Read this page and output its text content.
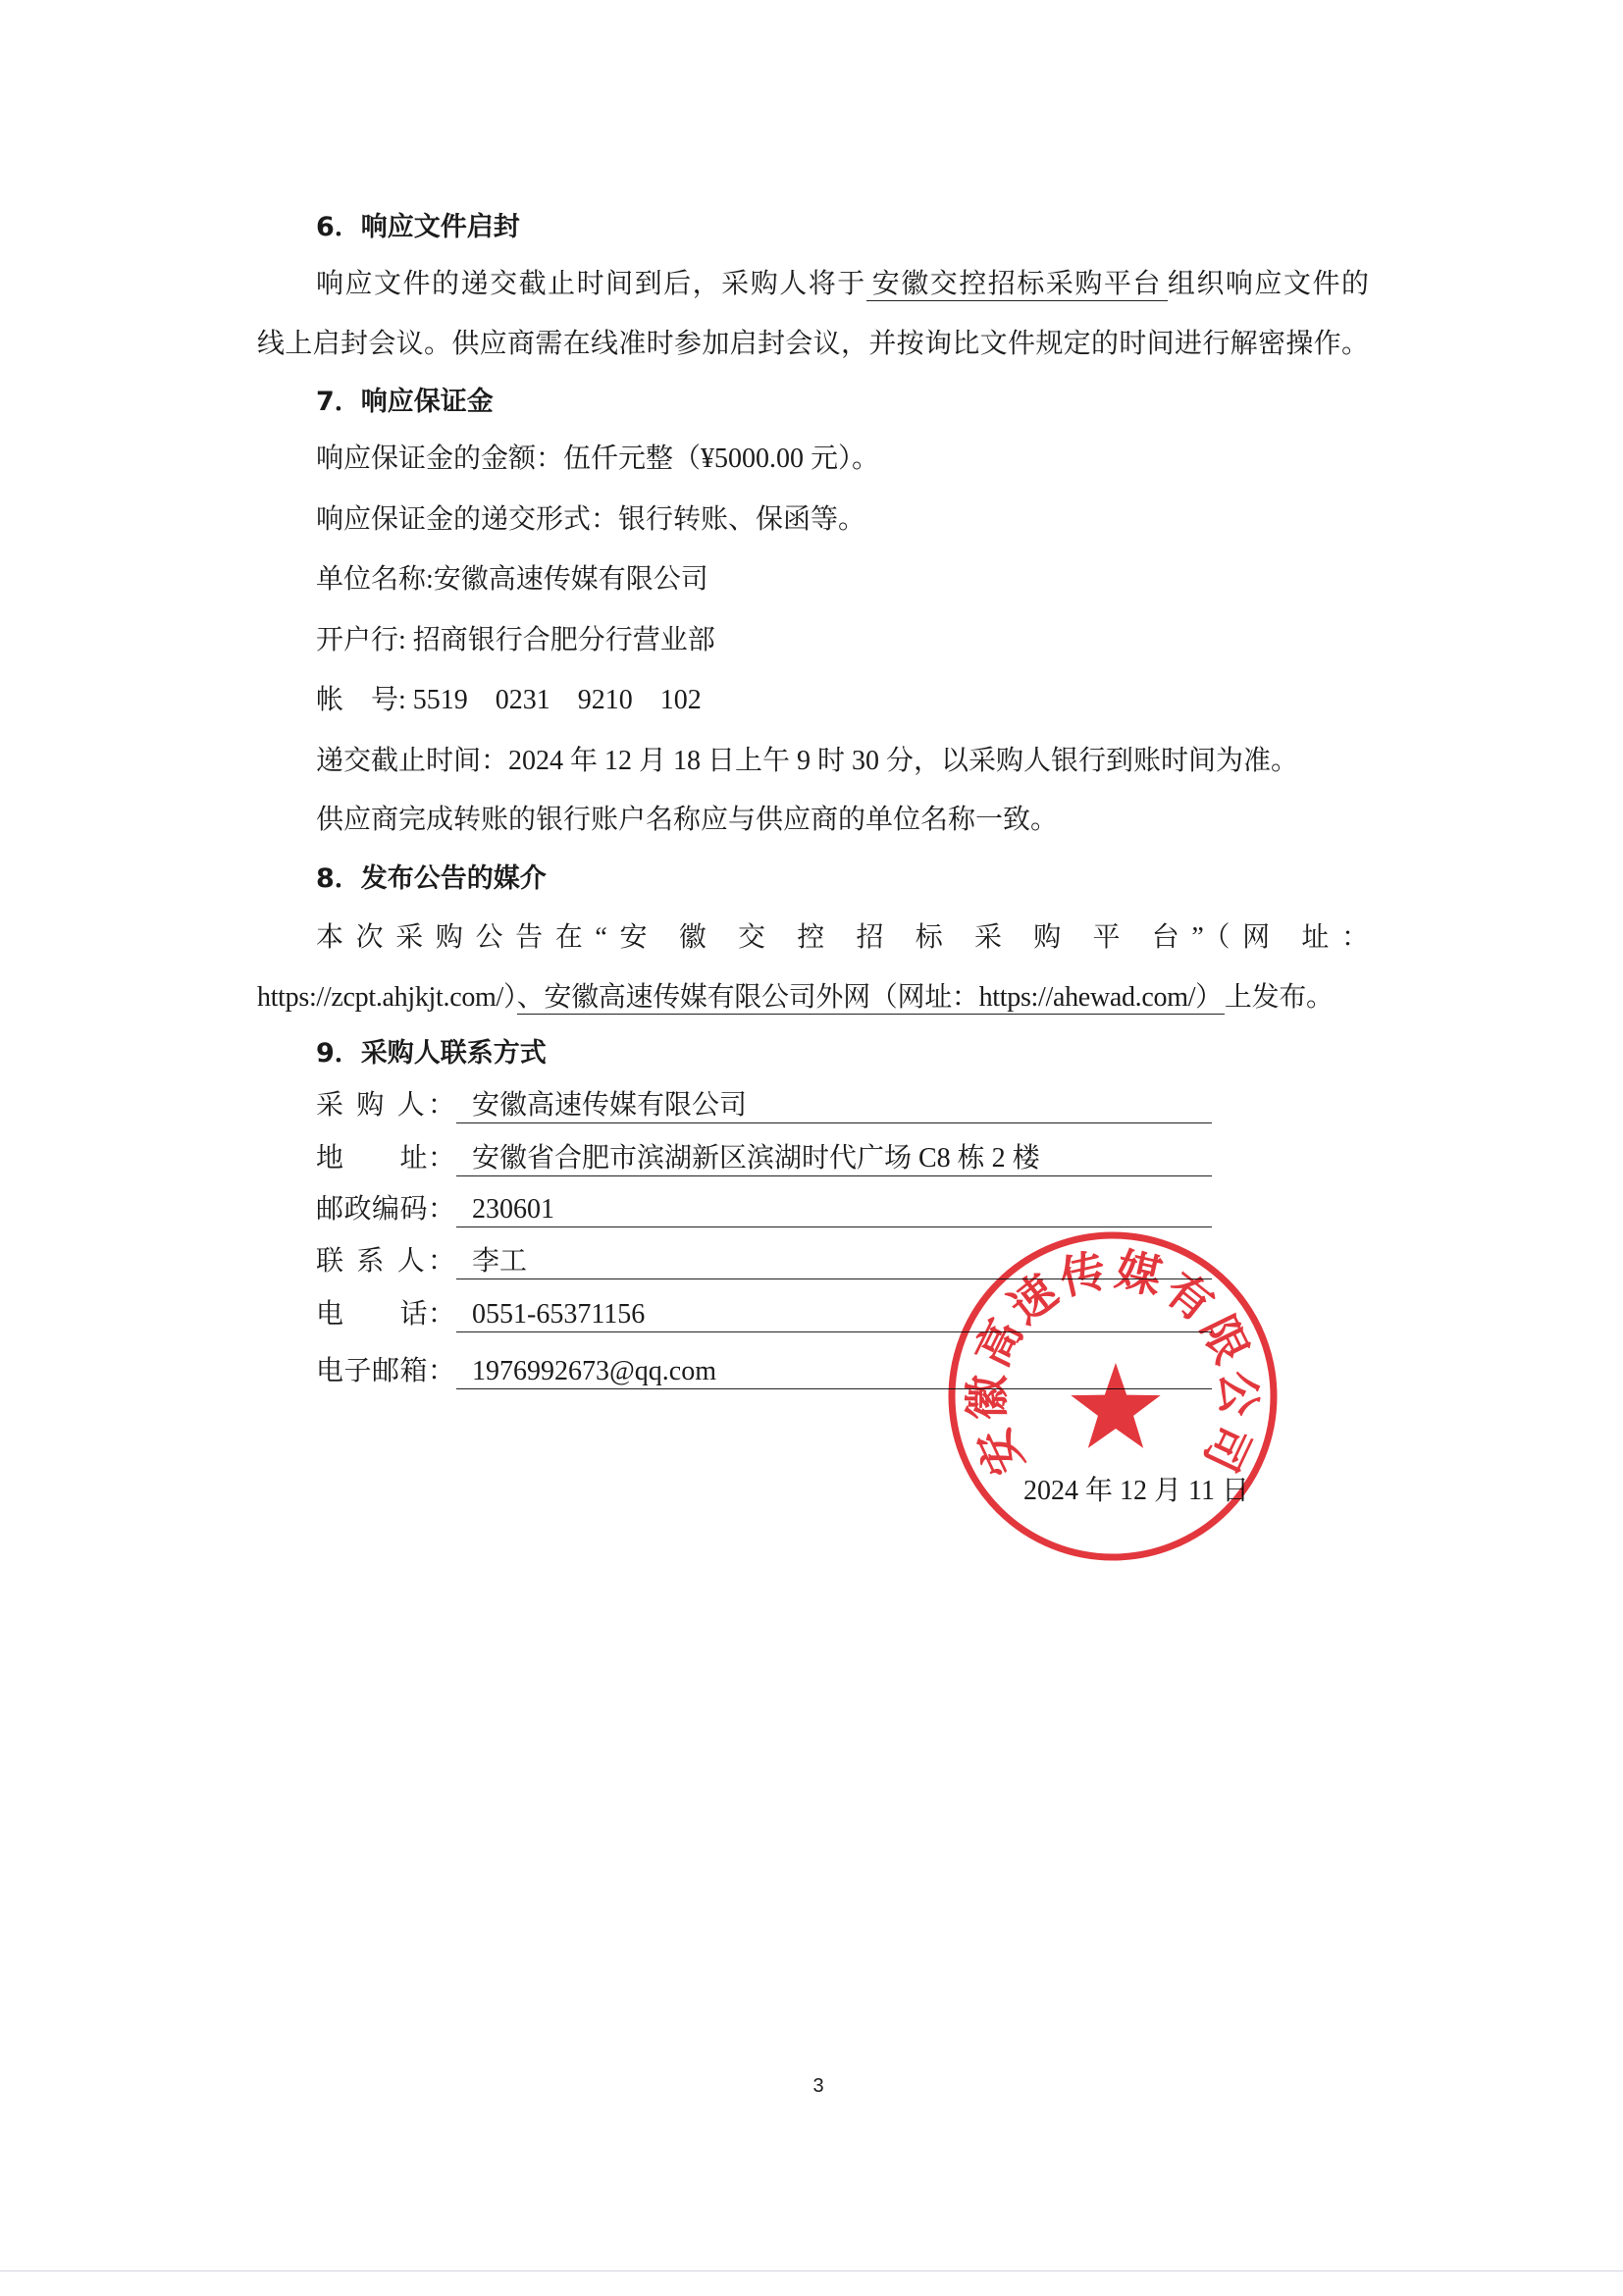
6．响应文件启封
响应文件的递交截止时间到后，采购人将于 安徽交控招标采购平台 组织响应文件的
线上启封会议。供应商需在线准时参加启封会议，并按询比文件规定的时间进行解密操作。
7．响应保证金
响应保证金的金额：伍仟元整（¥5000.00 元）。
响应保证金的递交形式：银行转账、保函等。
单位名称:安徽高速传媒有限公司
开户行: 招商银行合肥分行营业部
帐　号: 5519　0231　9210　102
递交截止时间：2024 年 12 月 18 日上午 9 时 30 分，以采购人银行到账时间为准。
供应商完成转账的银行账户名称应与供应商的单位名称一致。
8．发布公告的媒介
本次采购公告在“安 徽 交 控 招 标 采 购 平 台”（网 址：
https://zcpt.ahjkjt.com/）、安徽高速传媒有限公司外网（网址：https://ahewad.com/）上发布。
9．采购人联系方式
采 购 人： 安徽高速传媒有限公司
地　　址： 安徽省合肥市滨湖新区滨湖时代广场 C8 栋 2 楼
邮政编码： 230601
联 系 人： 李工
电　　话： 0551-65371156
电子邮箱： 1976992673@qq.com
2024 年 12 月 11 日
安徽高速传媒有限公司
3
